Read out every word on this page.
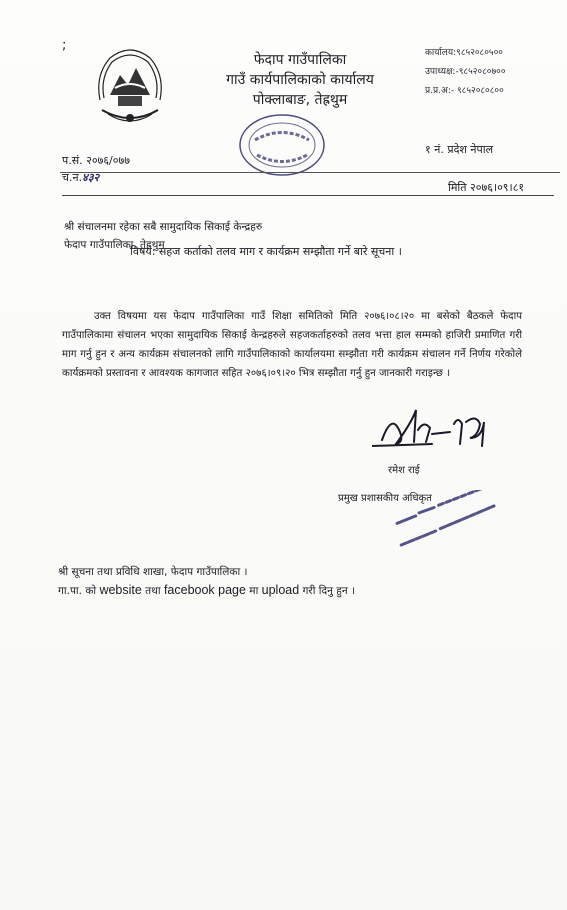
;
फेदाप गाउँपालिका
गाउँ कार्यपालिकाको कार्यालय
पोक्लाबाङ, तेह्रथुम
कार्यालय:९८५२०८०५००
उपाध्यक्ष:-९८५२०८०७००
प्र.प्र.अ:- ९८५२०८०८००
१ नं. प्रदेश नेपाल
प.सं. २०७६/०७७
च.नं.४३२
मिति २०७६।०९।८१
श्री संचालनमा रहेका सबै सामुदायिक सिकाई केन्द्रहरु
फेदाप गाउँपालिका, तेह्रथुम
विषय: सहज कर्ताको तलव माग र कार्यक्रम सम्झौता गर्ने बारे सूचना ।
उक्त विषयमा यस फेदाप गाउँपालिका गाउँ शिक्षा समितिको मिति २०७६।०८।२० मा बसेको बैठकले फेदाप गाउँपालिकामा संचालन भएका सामुदायिक सिकाई केन्द्रहरुले सहजकर्ताहरुको तलव भत्ता हाल सम्मको हाजिरी प्रमाणित गरी माग गर्नु हुन र अन्य कार्यक्रम संचालनको लागि गाउँपालिकाको कार्यालयमा सम्झौता गरी कार्यक्रम संचालन गर्ने निर्णय गरेकोले कार्यक्रमको प्रस्तावना र आवश्यक कागजात सहित २०७६।०९।२० भित्र सम्झौता गर्नु हुन जानकारी गराइन्छ ।
रमेश राई
प्रमुख प्रशासकीय अधिकृत
श्री सूचना तथा प्रविधि शाखा, फेदाप गाउँपालिका ।
गा.पा. को website तथा facebook page मा upload गरी दिनु हुन ।
